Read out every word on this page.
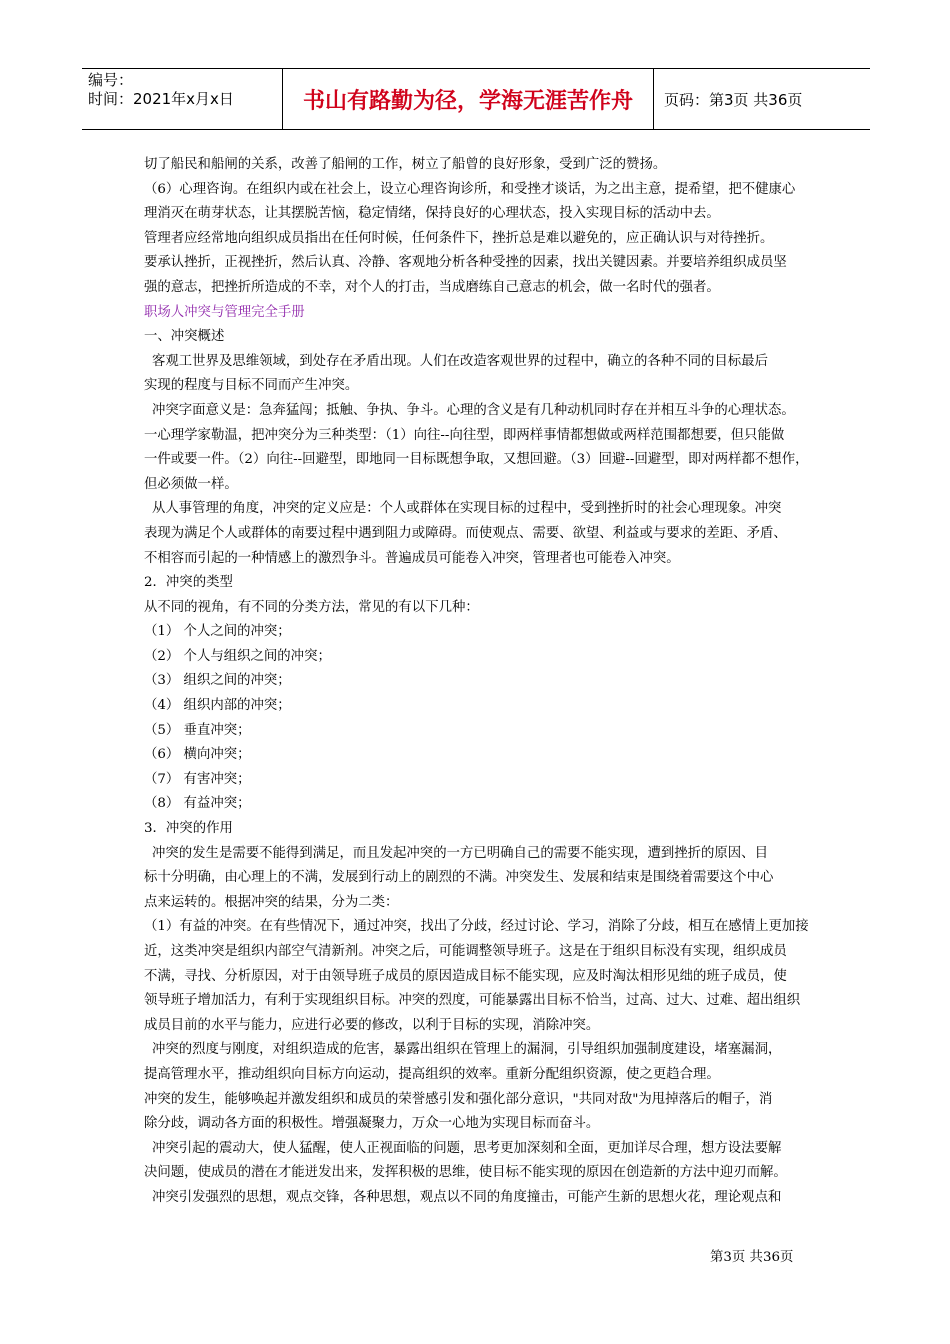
编号：
时间：2021年x月x日	书山有路勤为径，学海无涯苦作舟 页码：第3页 共36页

切了船民和船闸的关系，改善了船闸的工作，树立了船曾的良好形象，受到广泛的赞扬。

（6）心理咨询。在组织内或在社会上，设立心理咨询诊所，和受挫才谈话，为之出主意，提希望，把不健康心

理消灭在萌芽状态，让其摆脱苦恼，稳定情绪，保持良好的心理状态，投入实现目标的活动中去。

管理者应经常地向组织成员指出在任何时候，任何条件下，挫折总是难以避免的，应正确认识与对待挫折。

要承认挫折，正视挫折，然后认真、冷静、客观地分析各种受挫的因素，找出关键因素。并要培养组织成员坚

强的意志，把挫折所造成的不幸，对个人的打击，当成磨练自己意志的机会，做一名时代的强者。

职场人冲突与管理完全手册

一、冲突概述

客观工世界及思维领域，到处存在矛盾出现。人们在改造客观世界的过程中，确立的各种不同的目标最后

实现的程度与目标不同而产生冲突。

冲突字面意义是：急奔猛闯；抵触、争执、争斗。心理的含义是有几种动机同时存在并相互斗争的心理状态。

一心理学家勒温，把冲突分为三种类型：（1）向往--向往型，即两样事情都想做或两样范围都想要，但只能做

一件或要一件。（2）向往--回避型，即地同一目标既想争取，又想回避。（3）回避--回避型，即对两样都不想作，

但必须做一样。

从人事管理的角度，冲突的定义应是：个人或群体在实现目标的过程中，受到挫折时的社会心理现象。冲突

表现为满足个人或群体的南要过程中遇到阻力或障碍。而使观点、需要、欲望、利益或与要求的差距、矛盾、

不相容而引起的一种情感上的激烈争斗。普遍成员可能卷入冲突，管理者也可能卷入冲突。

2．冲突的类型

从不同的视角，有不同的分类方法，常见的有以下几种：

（1） 个人之间的冲突；

（2） 个人与组织之间的冲突；

（3） 组织之间的冲突；

（4） 组织内部的冲突；

（5） 垂直冲突；

（6） 横向冲突；

（7） 有害冲突；

（8） 有益冲突；

3．冲突的作用

冲突的发生是需要不能得到满足，而且发起冲突的一方已明确自己的需要不能实现，遭到挫折的原因、目

标十分明确，由心理上的不满，发展到行动上的剧烈的不满。冲突发生、发展和结束是围绕着需要这个中心

点来运转的。根据冲突的结果，分为二类：

（1）有益的冲突。在有些情况下，通过冲突，找出了分歧，经过讨论、学习，消除了分歧，相互在感情上更加接

近，这类冲突是组织内部空气清新剂。冲突之后，可能调整领导班子。这是在于组织目标没有实现，组织成员

不满，寻找、分析原因，对于由领导班子成员的原因造成目标不能实现，应及时淘汰相形见绌的班子成员，使

领导班子增加活力，有利于实现组织目标。冲突的烈度，可能暴露出目标不恰当，过高、过大、过难、超出组织

成员目前的水平与能力，应进行必要的修改，以利于目标的实现，消除冲突。

冲突的烈度与刚度，对组织造成的危害，暴露出组织在管理上的漏洞，引导组织加强制度建设，堵塞漏洞，

提高管理水平，推动组织向目标方向运动，提高组织的效率。重新分配组织资源，使之更趋合理。

冲突的发生，能够唤起并激发组织和成员的荣誉感引发和强化部分意识，"共同对敌"为甩掉落后的帽子，消

除分歧，调动各方面的积极性。增强凝聚力，万众一心地为实现目标而奋斗。

冲突引起的震动大，使人猛醒，使人正视面临的问题，思考更加深刻和全面，更加详尽合理，想方设法要解

决问题，使成员的潜在才能迸发出来，发挥积极的思维，使目标不能实现的原因在创造新的方法中迎刃而解。

冲突引发强烈的思想，观点交锋，各种思想，观点以不同的角度撞击，可能产生新的思想火花，理论观点和

第3页 共36页
